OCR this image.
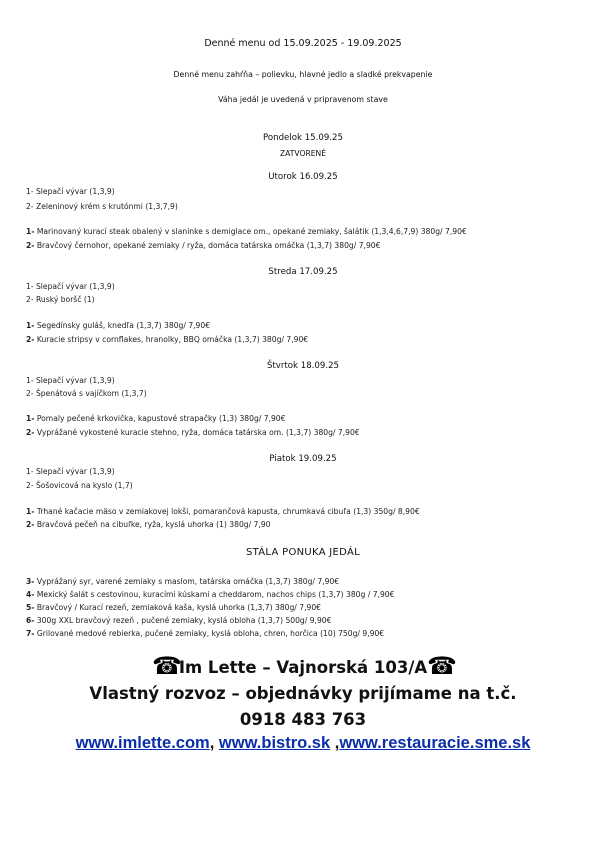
Denné menu od 15.09.2025 - 19.09.2025
Denné menu zahŕňa – polievku, hlavné jedlo a sladké prekvapenie
Váha jedál je uvedená v pripravenom stave
Pondelok 15.09.25
ZATVORENÉ
Utorok 16.09.25
1- Slepačí vývar (1,3,9)
2- Zeleninový krém s krutónmi (1,3,7,9)
1- Marinovaný kurací steak obalený v slaninke s demiglace om., opekané zemiaky, šalátik (1,3,4,6,7,9) 380g/ 7,90€
2- Bravčový černohor, opekané zemiaky / ryža, domáca tatárska omáčka (1,3,7) 380g/ 7,90€
Streda 17.09.25
1- Slepačí vývar (1,3,9)
2- Ruský boršč (1)
1- Segedínsky guláš, knedľa (1,3,7) 380g/ 7,90€
2- Kuracie stripsy v cornflakes, hranolky, BBQ omáčka (1,3,7) 380g/ 7,90€
Štvrtok 18.09.25
1- Slepačí vývar (1,3,9)
2- Špenátová s vajíčkom (1,3,7)
1- Pomaly pečené krkovička, kapustové strapačky (1,3) 380g/ 7,90€
2- Vyprážané vykostené kuracie stehno, ryža, domáca tatárska om. (1,3,7) 380g/ 7,90€
Piatok 19.09.25
1- Slepačí vývar (1,3,9)
2- Šošovicová na kyslo (1,7)
1- Trhané kačacie mäso v zemiakovej lokši, pomarančová kapusta, chrumkavá cibuľa (1,3) 350g/ 8,90€
2- Bravčová pečeň na cibuľke, ryža, kyslá uhorka (1) 380g/ 7,90
STÁLA PONUKA JEDÁL
3- Vyprážaný syr, varené zemiaky s maslom, tatárska omáčka (1,3,7) 380g/ 7,90€
4- Mexický šalát s cestovinou, kuracími kúskami a cheddarom, nachos chips (1,3,7) 380g / 7,90€
5- Bravčový / Kurací rezeň, zemiaková kaša, kyslá uhorka (1,3,7) 380g/ 7,90€
6- 300g XXL bravčový rezeň , pučené zemiaky, kyslá obloha (1,3,7) 500g/ 9,90€
7- Grilované medové rebierka, pučené zemiaky, kyslá obloha, chren, horčica (10) 750g/ 9,90€
☎	☎
Im Lette – Vajnorská 103/A
Vlastný rozvoz – objednávky prijímame na t.č.
0918 483 763
www.imlette.com, www.bistro.sk ,www.restauracie.sme.sk
